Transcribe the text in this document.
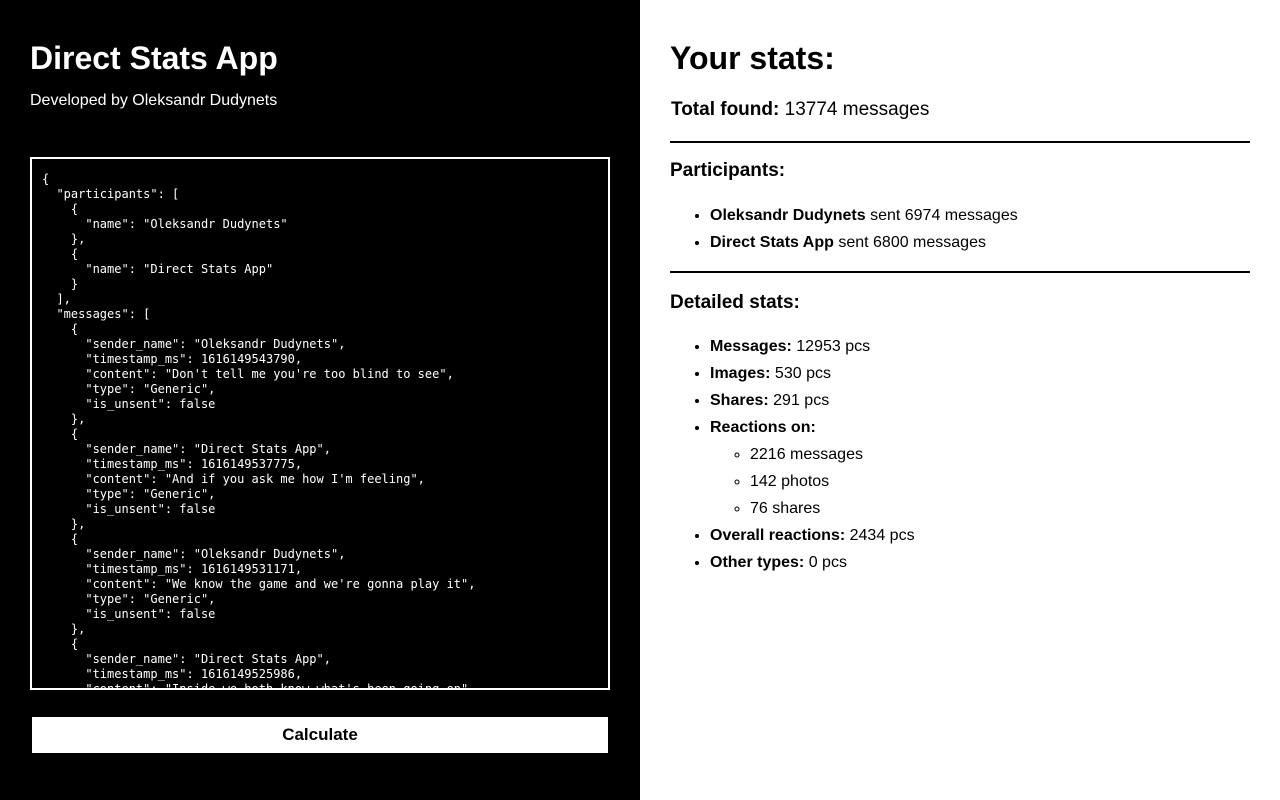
Direct Stats App

Developed by Oleksandr Dudynets

{ "participants": [ { "name": "Oleksandr Dudynets" }, { "name": "Direct Stats App" } ], "messages": [ { "sender_name": "Oleksandr Dudynets", "timestamp_ms": 1616149543790, "content": "Don't tell me you're too blind to see", "type": "Generic", "is_unsent": false }, { "sender_name": "Direct Stats App", "timestamp_ms": 1616149537775, "content": "And if you ask me how I'm feeling", "type": "Generic", "is_unsent": false }, { "sender_name": "Oleksandr Dudynets", "timestamp_ms": 1616149531171, "content": "We know the game and we're gonna play it", "type": "Generic", "is_unsent": false }, { "sender_name": "Direct Stats App", "timestamp_ms": 1616149525986, "content": "Inside we both know what's been going on",
Calculate
Your stats:

Total found: 13774 messages

Participants:
• Oleksandr Dudynets sent 6974 messages
• Direct Stats App sent 6800 messages
Detailed stats:
• Messages: 12953 pcs
• Images: 530 pcs
• Shares: 291 pcs
• Reactions on:
◦ 2216 messages
◦ 142 photos
◦ 76 shares
• Overall reactions: 2434 pcs
• Other types: 0 pcs
